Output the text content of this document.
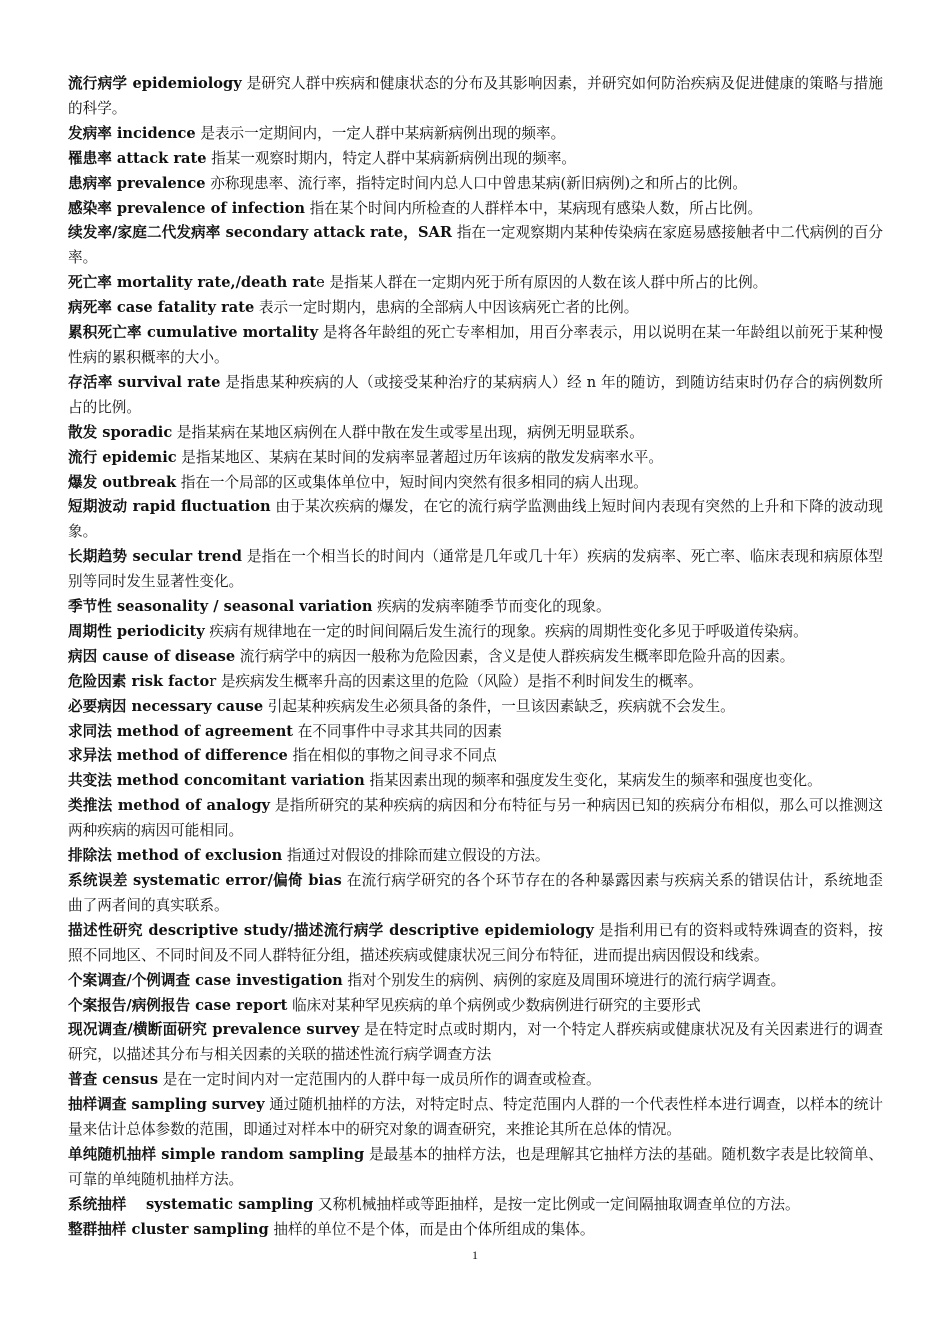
流行病学 epidemiology 是研究人群中疾病和健康状态的分布及其影响因素，并研究如何防治疾病及促进健康的策略与措施的科学。

发病率 incidence 是表示一定期间内，一定人群中某病新病例出现的频率。

罹患率 attack rate 指某一观察时期内，特定人群中某病新病例出现的频率。

患病率 prevalence 亦称现患率、流行率，指特定时间内总人口中曾患某病(新旧病例)之和所占的比例。

感染率 prevalence of infection 指在某个时间内所检查的人群样本中，某病现有感染人数，所占比例。

续发率/家庭二代发病率 secondary attack rate，SAR 指在一定观察期内某种传染病在家庭易感接触者中二代病例的百分率。

死亡率 mortality rate,/death rate 是指某人群在一定期内死于所有原因的人数在该人群中所占的比例。

病死率 case fatality rate 表示一定时期内，患病的全部病人中因该病死亡者的比例。

累积死亡率 cumulative mortality 是将各年龄组的死亡专率相加，用百分率表示，用以说明在某一年龄组以前死于某种慢性病的累积概率的大小。

存活率 survival rate 是指患某种疾病的人（或接受某种治疗的某病病人）经 n 年的随访，到随访结束时仍存合的病例数所占的比例。

散发 sporadic 是指某病在某地区病例在人群中散在发生或零星出现，病例无明显联系。

流行 epidemic 是指某地区、某病在某时间的发病率显著超过历年该病的散发发病率水平。

爆发 outbreak 指在一个局部的区或集体单位中，短时间内突然有很多相同的病人出现。

短期波动 rapid fluctuation 由于某次疾病的爆发，在它的流行病学监测曲线上短时间内表现有突然的上升和下降的波动现象。

长期趋势 secular trend 是指在一个相当长的时间内（通常是几年或几十年）疾病的发病率、死亡率、临床表现和病原体型别等同时发生显著性变化。

季节性 seasonality / seasonal variation 疾病的发病率随季节而变化的现象。

周期性 periodicity 疾病有规律地在一定的时间间隔后发生流行的现象。疾病的周期性变化多见于呼吸道传染病。

病因 cause of disease 流行病学中的病因一般称为危险因素，含义是使人群疾病发生概率即危险升高的因素。

危险因素 risk factor 是疾病发生概率升高的因素这里的危险（风险）是指不利时间发生的概率。

必要病因 necessary cause 引起某种疾病发生必须具备的条件，一旦该因素缺乏，疾病就不会发生。

求同法 method of agreement 在不同事件中寻求其共同的因素

求异法 method of difference 指在相似的事物之间寻求不同点

共变法 method concomitant variation 指某因素出现的频率和强度发生变化，某病发生的频率和强度也变化。

类推法 method of analogy 是指所研究的某种疾病的病因和分布特征与另一种病因已知的疾病分布相似，那么可以推测这两种疾病的病因可能相同。

排除法 method of exclusion 指通过对假设的排除而建立假设的方法。

系统误差 systematic error/偏倚 bias 在流行病学研究的各个环节存在的各种暴露因素与疾病关系的错误估计，系统地歪曲了两者间的真实联系。

描述性研究 descriptive study/描述流行病学 descriptive epidemiology 是指利用已有的资料或特殊调查的资料，按照不同地区、不同时间及不同人群特征分组，描述疾病或健康状况三间分布特征，进而提出病因假设和线索。

个案调查/个例调查 case investigation 指对个别发生的病例、病例的家庭及周围环境进行的流行病学调查。

个案报告/病例报告 case report 临床对某种罕见疾病的单个病例或少数病例进行研究的主要形式

现况调查/横断面研究 prevalence survey 是在特定时点或时期内，对一个特定人群疾病或健康状况及有关因素进行的调查研究，以描述其分布与相关因素的关联的描述性流行病学调查方法

普查 census 是在一定时间内对一定范围内的人群中每一成员所作的调查或检查。

抽样调查 sampling survey 通过随机抽样的方法，对特定时点、特定范围内人群的一个代表性样本进行调查，以样本的统计量来估计总体参数的范围，即通过对样本中的研究对象的调查研究，来推论其所在总体的情况。

单纯随机抽样 simple random sampling 是最基本的抽样方法，也是理解其它抽样方法的基础。随机数字表是比较简单、可靠的单纯随机抽样方法。

系统抽样　 systematic sampling 又称机械抽样或等距抽样，是按一定比例或一定间隔抽取调查单位的方法。

整群抽样 cluster sampling 抽样的单位不是个体，而是由个体所组成的集体。

1
